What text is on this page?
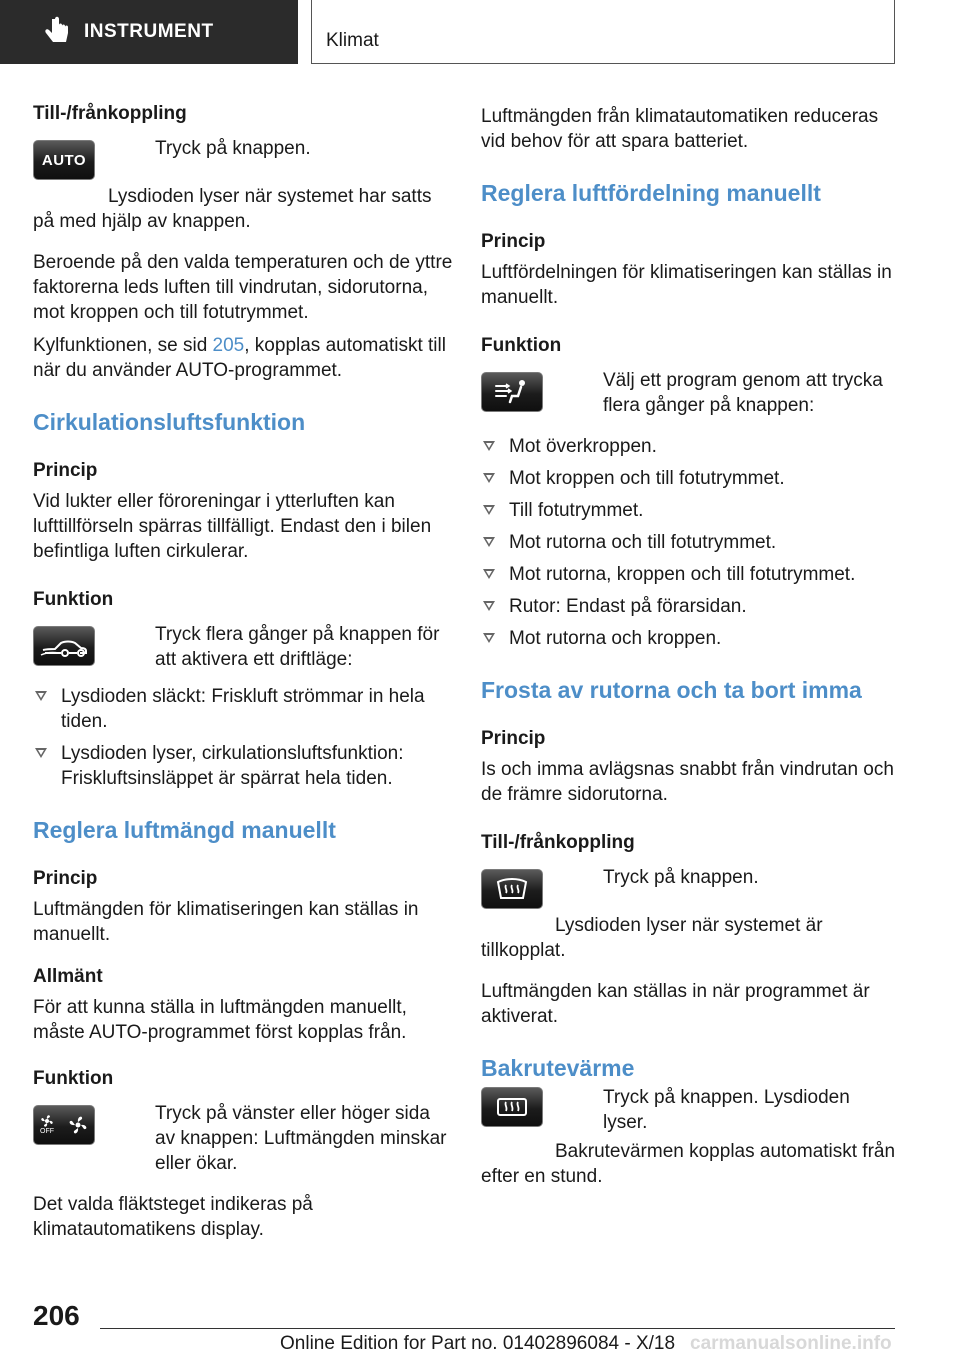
INSTRUMENT	Klimat
Till-/frånkoppling
AUTO
Tryck på knappen.
Lysdioden lyser när systemet har satts på med hjälp av knappen.
Beroende på den valda temperaturen och de yttre faktorerna leds luften till vindrutan, sidorutorna, mot kroppen och till fotutrymmet.
Kylfunktionen, se sid 205, kopplas automatiskt till när du använder AUTO-programmet.
Cirkulationsluftsfunktion
Princip
Vid lukter eller föroreningar i ytterluften kan lufttillförseln spärras tillfälligt. Endast den i bilen befintliga luften cirkulerar.
Funktion
Tryck flera gånger på knappen för att aktivera ett driftläge:
Lysdioden släckt: Friskluft strömmar in hela tiden.
Lysdioden lyser, cirkulationsluftsfunktion: Friskluftsinsläppet är spärrat hela tiden.
Reglera luftmängd manuellt
Princip
Luftmängden för klimatiseringen kan ställas in manuellt.
Allmänt
För att kunna ställa in luftmängden manuellt, måste AUTO-programmet först kopplas från.
Funktion
OFF
Tryck på vänster eller höger sida av knappen: Luftmängden minskar eller ökar.
Det valda fläktsteget indikeras på klimatautomatikens display.
Luftmängden från klimatautomatiken reduceras vid behov för att spara batteriet.
Reglera luftfördelning manuellt
Princip
Luftfördelningen för klimatiseringen kan ställas in manuellt.
Funktion
Välj ett program genom att trycka flera gånger på knappen:
Mot överkroppen.
Mot kroppen och till fotutrymmet.
Till fotutrymmet.
Mot rutorna och till fotutrymmet.
Mot rutorna, kroppen och till fotutrymmet.
Rutor: Endast på förarsidan.
Mot rutorna och kroppen.
Frosta av rutorna och ta bort imma
Princip
Is och imma avlägsnas snabbt från vindrutan och de främre sidorutorna.
Till-/frånkoppling
Tryck på knappen.
Lysdioden lyser när systemet är tillkopplat.
Luftmängden kan ställas in när programmet är aktiverat.
Bakrutevärme
Tryck på knappen. Lysdioden lyser.
Bakrutevärmen kopplas automatiskt från efter en stund.
206
Online Edition for Part no. 01402896084 - X/18 carmanualsonline.info
